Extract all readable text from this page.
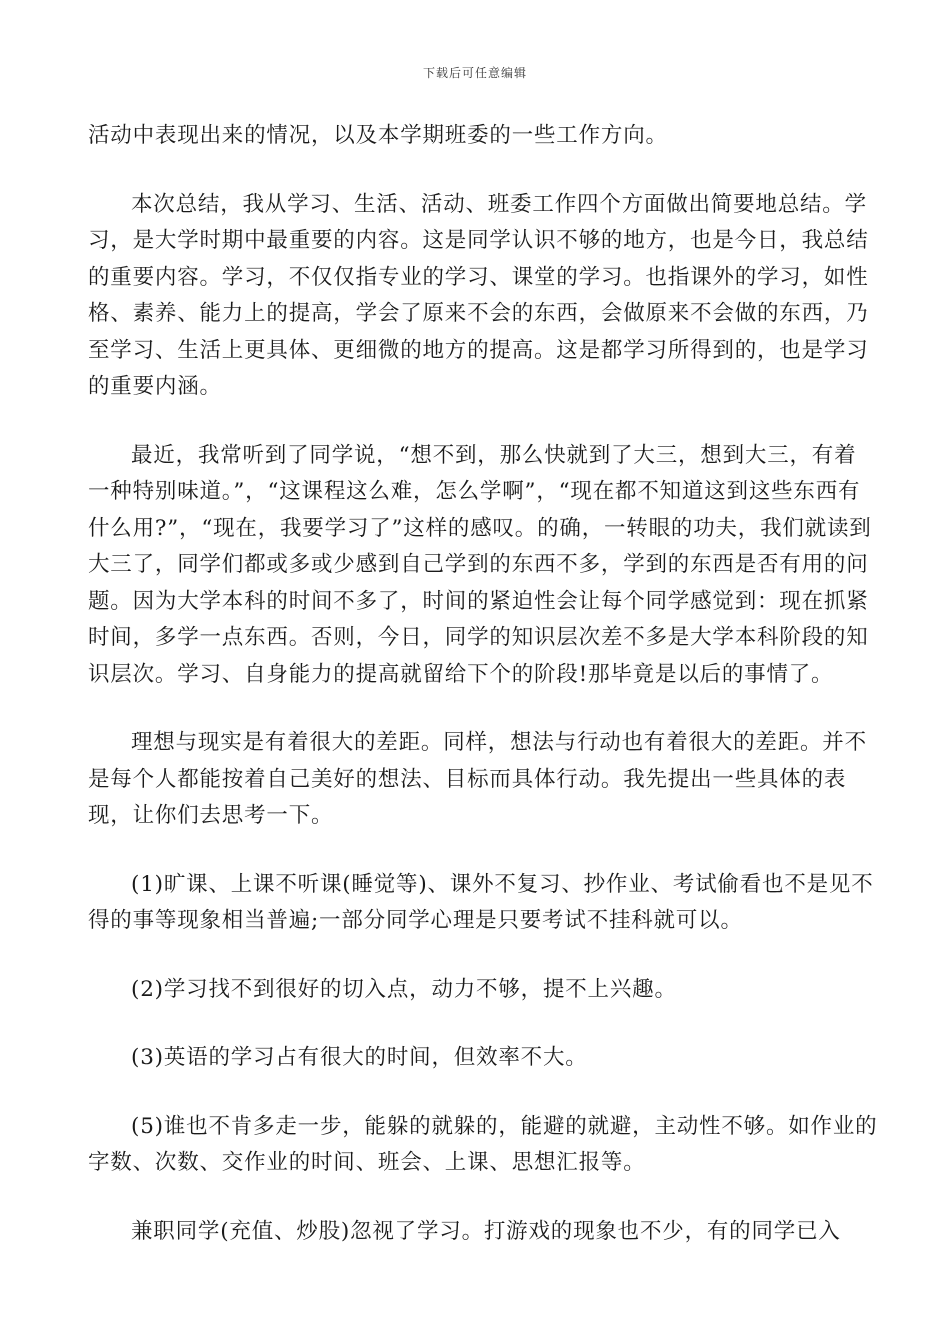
下载后可任意编辑

活动中表现出来的情况，以及本学期班委的一些工作方向。

本次总结，我从学习、生活、活动、班委工作四个方面做出简要地总结。学习，是大学时期中最重要的内容。这是同学认识不够的地方，也是今日，我总结的重要内容。学习，不仅仅指专业的学习、课堂的学习。也指课外的学习，如性格、素养、能力上的提高，学会了原来不会的东西，会做原来不会做的东西，乃至学习、生活上更具体、更细微的地方的提高。这是都学习所得到的，也是学习的重要内涵。

最近，我常听到了同学说，“想不到，那么快就到了大三，想到大三，有着一种特别味道。”，“这课程这么难，怎么学啊”，“现在都不知道这到这些东西有什么用?”，“现在，我要学习了”这样的感叹。的确，一转眼的功夫，我们就读到大三了，同学们都或多或少感到自己学到的东西不多，学到的东西是否有用的问题。因为大学本科的时间不多了，时间的紧迫性会让每个同学感觉到：现在抓紧时间，多学一点东西。否则，今日，同学的知识层次差不多是大学本科阶段的知识层次。学习、自身能力的提高就留给下个的阶段!那毕竟是以后的事情了。

理想与现实是有着很大的差距。同样，想法与行动也有着很大的差距。并不是每个人都能按着自己美好的想法、目标而具体行动。我先提出一些具体的表现，让你们去思考一下。

(1)旷课、上课不听课(睡觉等)、课外不复习、抄作业、考试偷看也不是见不得的事等现象相当普遍;一部分同学心理是只要考试不挂科就可以。

(2)学习找不到很好的切入点，动力不够，提不上兴趣。

(3)英语的学习占有很大的时间，但效率不大。

(5)谁也不肯多走一步，能躲的就躲的，能避的就避，主动性不够。如作业的字数、次数、交作业的时间、班会、上课、思想汇报等。

兼职同学(充值、炒股)忽视了学习。打游戏的现象也不少，有的同学已入
